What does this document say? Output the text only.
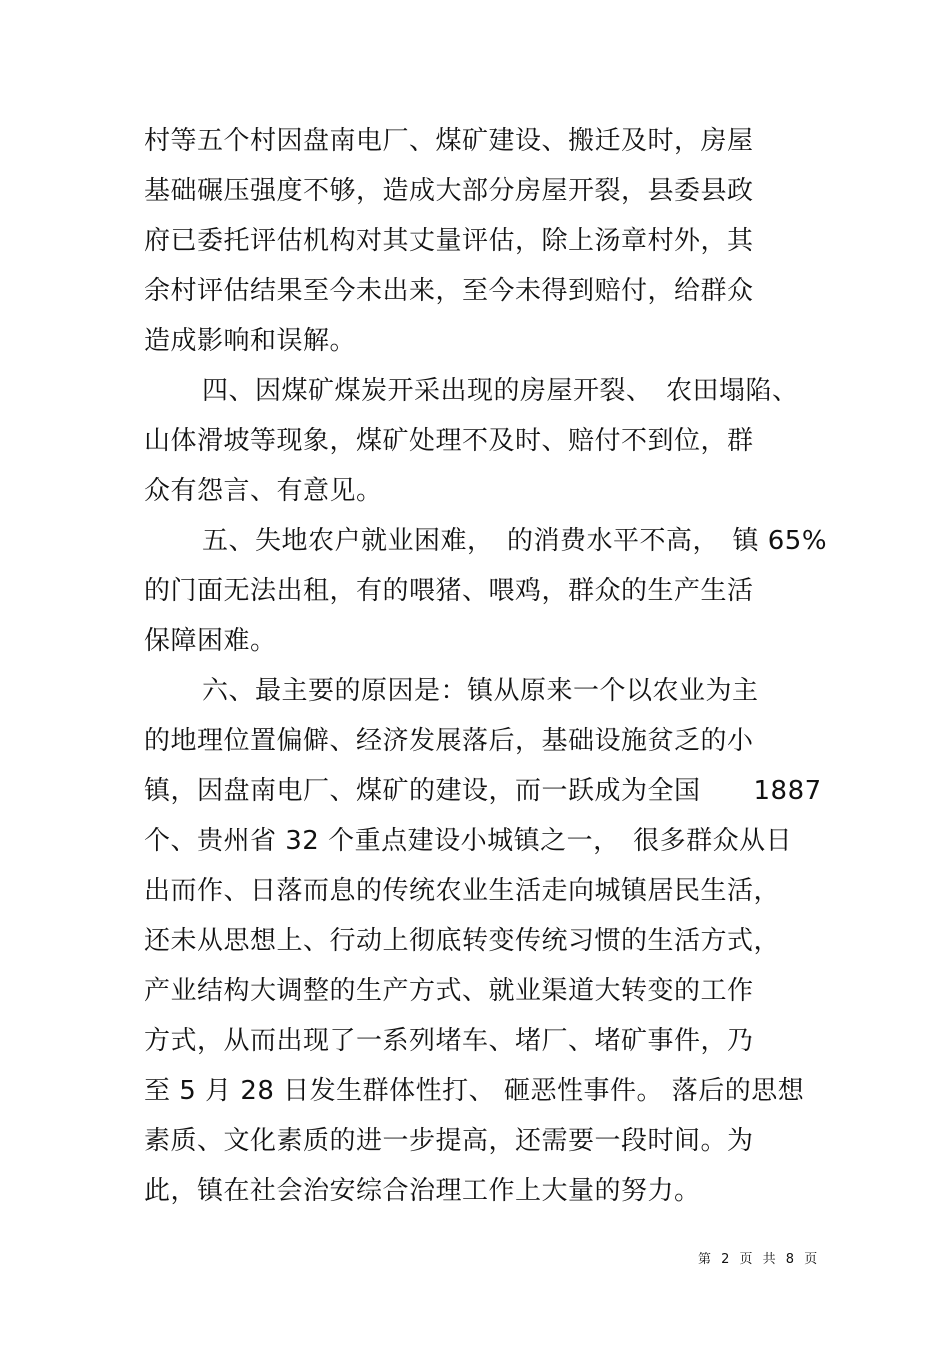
村等五个村因盘南电厂、煤矿建设、搬迁及时，房屋
基础碾压强度不够，造成大部分房屋开裂，县委县政
府已委托评估机构对其丈量评估，除上汤章村外，其
余村评估结果至今未出来，至今未得到赔付，给群众
造成影响和误解。
四、因煤矿煤炭开采出现的房屋开裂、　农田塌陷、
山体滑坡等现象，煤矿处理不及时、赔付不到位，群
众有怨言、有意见。
五、失地农户就业困难，　的消费水平不高，　镇 65%
的门面无法出租，有的喂猪、喂鸡，群众的生产生活
保障困难。
六、最主要的原因是：镇从原来一个以农业为主
的地理位置偏僻、经济发展落后，基础设施贫乏的小
镇，因盘南电厂、煤矿的建设，而一跃成为全国　　1887
个、贵州省 32 个重点建设小城镇之一，　很多群众从日
出而作、日落而息的传统农业生活走向城镇居民生活，
还未从思想上、行动上彻底转变传统习惯的生活方式，
产业结构大调整的生产方式、就业渠道大转变的工作
方式，从而出现了一系列堵车、堵厂、堵矿事件，乃
至 5 月 28 日发生群体性打、 砸恶性事件。 落后的思想
素质、文化素质的进一步提高，还需要一段时间。为
此，镇在社会治安综合治理工作上大量的努力。
第 2 页 共 8 页
